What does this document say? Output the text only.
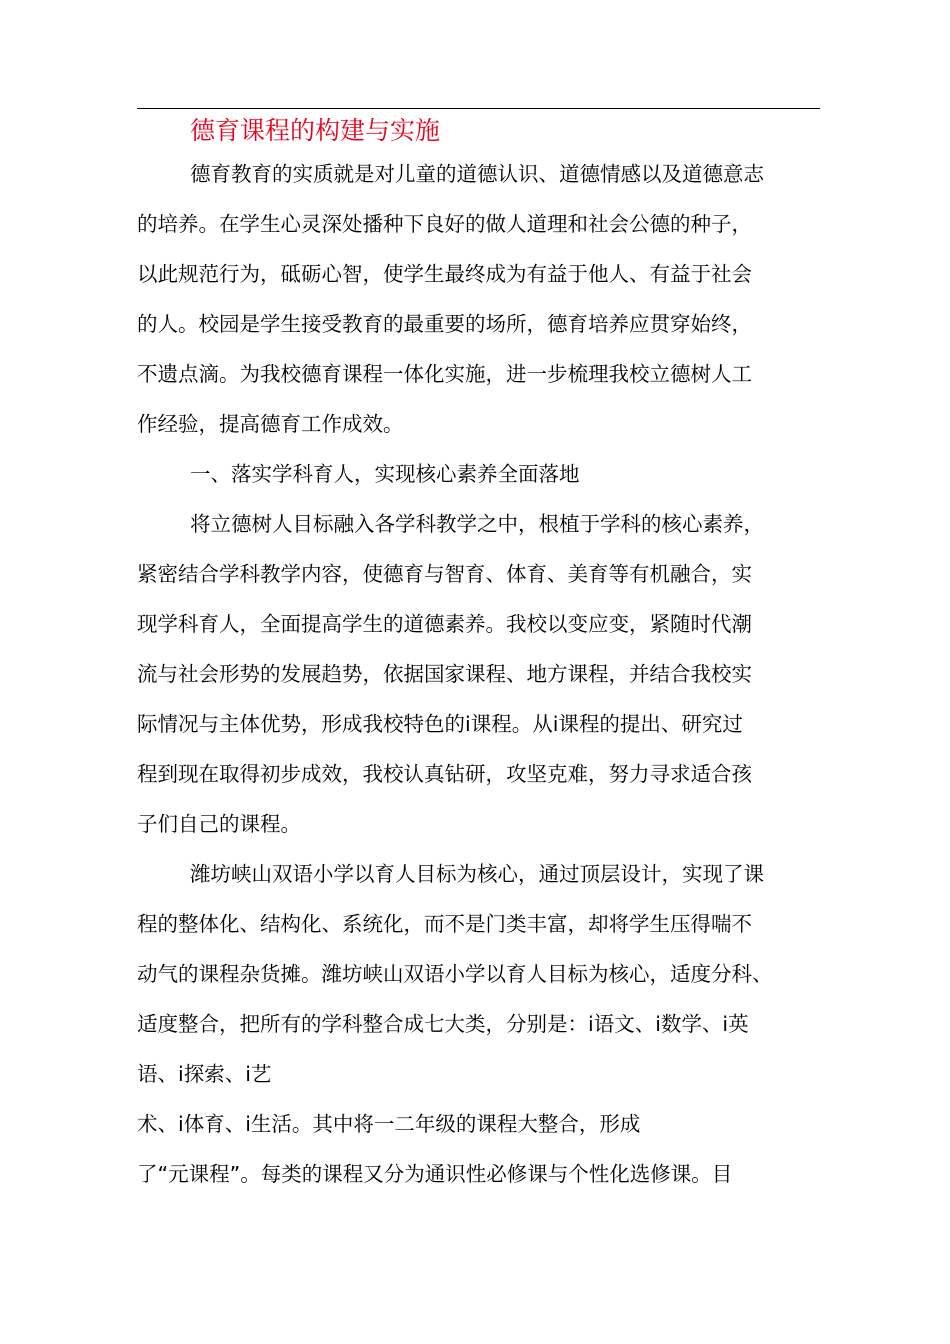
德育课程的构建与实施
德育教育的实质就是对儿童的道德认识、道德情感以及道德意志
的培养。在学生心灵深处播种下良好的做人道理和社会公德的种子，
以此规范行为，砥砺心智，使学生最终成为有益于他人、有益于社会
的人。校园是学生接受教育的最重要的场所，德育培养应贯穿始终，
不遗点滴。为我校德育课程一体化实施，进一步梳理我校立德树人工
作经验，提高德育工作成效。
一、落实学科育人，实现核心素养全面落地
将立德树人目标融入各学科教学之中，根植于学科的核心素养，
紧密结合学科教学内容，使德育与智育、体育、美育等有机融合，实
现学科育人，全面提高学生的道德素养。我校以变应变，紧随时代潮
流与社会形势的发展趋势，依据国家课程、地方课程，并结合我校实
际情况与主体优势，形成我校特色的i课程。从i课程的提出、研究过
程到现在取得初步成效，我校认真钻研，攻坚克难，努力寻求适合孩
子们自己的课程。
潍坊峡山双语小学以育人目标为核心，通过顶层设计，实现了课
程的整体化、结构化、系统化，而不是门类丰富，却将学生压得喘不
动气的课程杂货摊。潍坊峡山双语小学以育人目标为核心，适度分科、
适度整合，把所有的学科整合成七大类，分别是：i语文、i数学、i英
语、i探索、i艺
术、i体育、i生活。其中将一二年级的课程大整合，形成
了“元课程”。每类的课程又分为通识性必修课与个性化选修课。目
